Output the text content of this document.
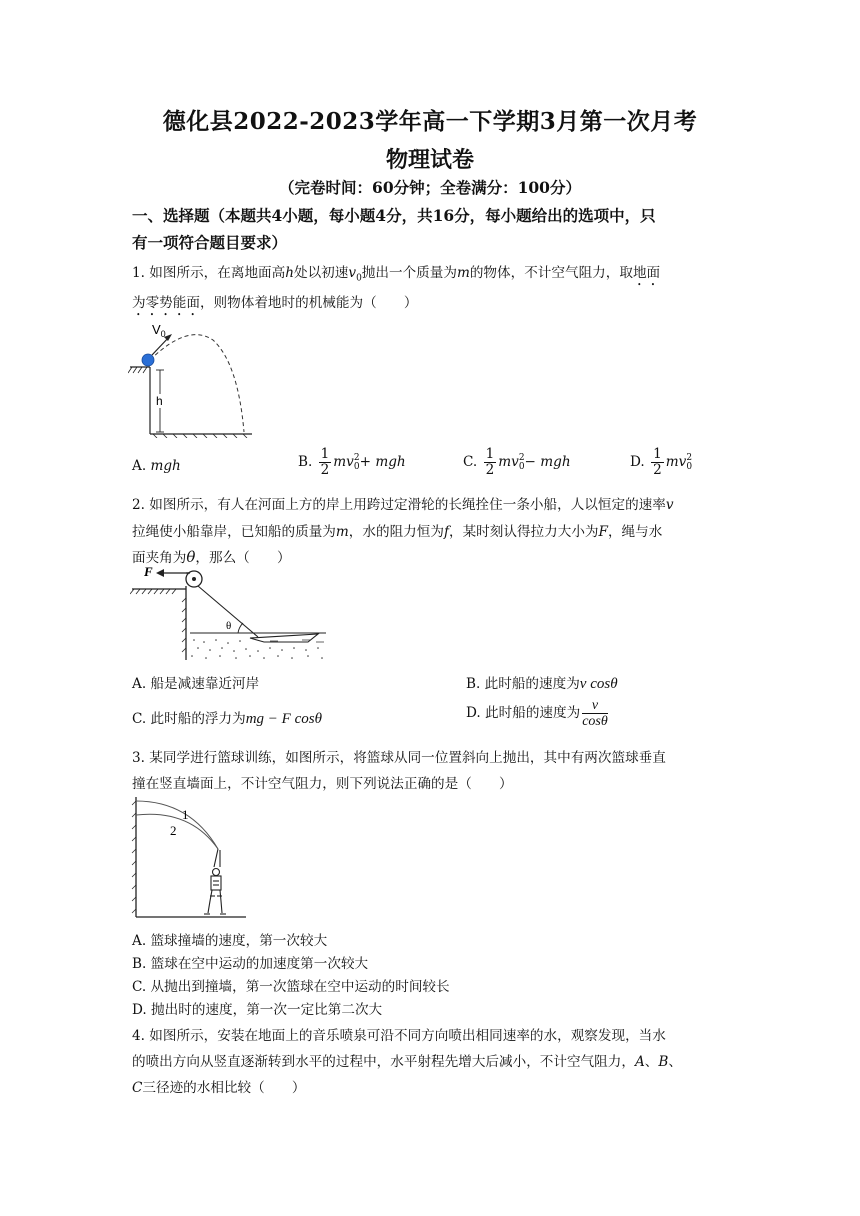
德化县2022-2023学年高一下学期3月第一次月考
物理试卷
（完卷时间：60分钟；全卷满分：100分）
一、选择题（本题共4小题，每小题4分，共16分，每小题给出的选项中，只
有一项符合题目要求）
1. 如图所示，在离地面高h处以初速$v_0$抛出一个质量为m的物体，不计空气阻力，取地面
为零势能面，则物体着地时的机械能为（　　）
$V_0$
h
A. mgh	B. $\frac{1}{2}$ mv 2
0 + mgh	C. $\frac{1}{2}$ mv 2
0 − mgh	D. $\frac{1}{2}$ mv 2
0
2. 如图所示，有人在河面上方的岸上用跨过定滑轮的长绳拴住一条小船，人以恒定的速率v
拉绳使小船靠岸，已知船的质量为m，水的阻力恒为f，某时刻认得拉力大小为F，绳与水
面夹角为θ，那么（　　）
F
θ
A. 船是减速靠近河岸	B. 此时船的速度为v cosθ
C. 此时船的浮力为mg − F cosθ	D. 此时船的速度为 $\frac{v}{\cos\theta}$
3. 某同学进行篮球训练，如图所示，将篮球从同一位置斜向上抛出，其中有两次篮球垂直
撞在竖直墙面上，不计空气阻力，则下列说法正确的是（　　）
1
2
A. 篮球撞墙的速度，第一次较大
B. 篮球在空中运动的加速度第一次较大
C. 从抛出到撞墙，第一次篮球在空中运动的时间较长
D. 抛出时的速度，第一次一定比第二次大
4. 如图所示，安装在地面上的音乐喷泉可沿不同方向喷出相同速率的水，观察发现，当水
的喷出方向从竖直逐渐转到水平的过程中，水平射程先增大后减小，不计空气阻力，A、B、
C三径迹的水相比较（　　）
